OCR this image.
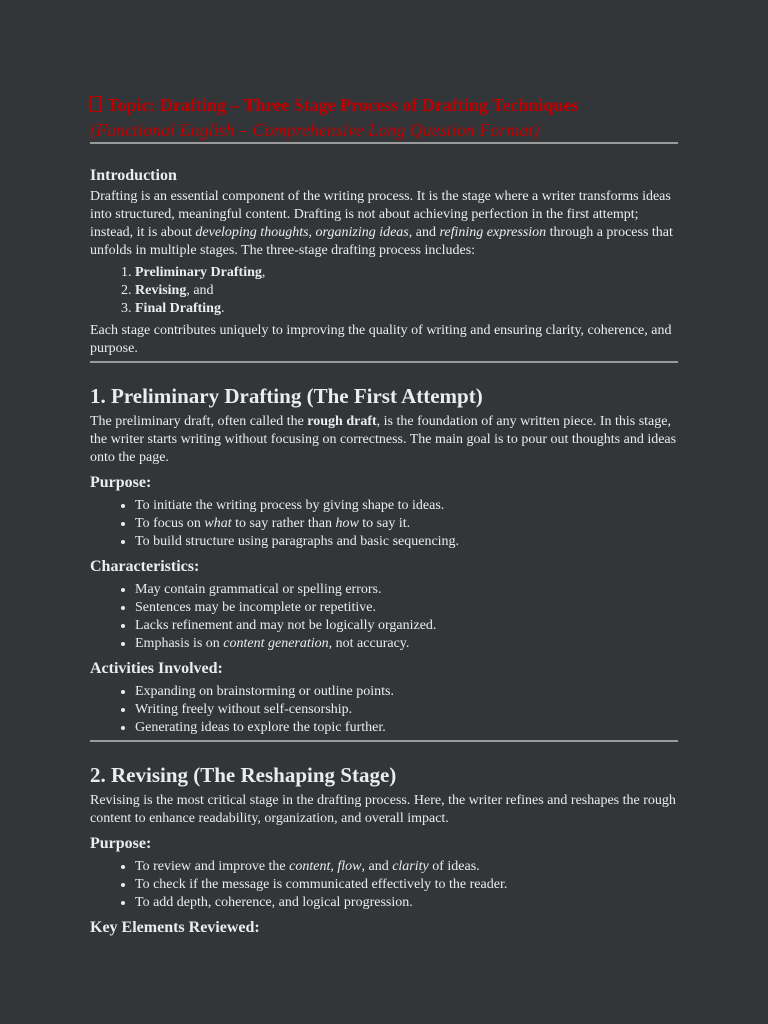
Topic: Drafting – Three Stage Process of Drafting Techniques
(Functional English – Comprehensive Long Question Format)
Introduction

Drafting is an essential component of the writing process. It is the stage where a writer transforms ideas into structured, meaningful content. Drafting is not about achieving perfection in the first attempt; instead, it is about developing thoughts, organizing ideas, and refining expression through a process that unfolds in multiple stages. The three-stage drafting process includes:

1. Preliminary Drafting,
2. Revising, and
3. Final Drafting.

Each stage contributes uniquely to improving the quality of writing and ensuring clarity, coherence, and purpose.

1. Preliminary Drafting (The First Attempt)

The preliminary draft, often called the rough draft, is the foundation of any written piece. In this stage, the writer starts writing without focusing on correctness. The main goal is to pour out thoughts and ideas onto the page.

Purpose:
• To initiate the writing process by giving shape to ideas.
• To focus on what to say rather than how to say it.
• To build structure using paragraphs and basic sequencing.
Characteristics:
• May contain grammatical or spelling errors.
• Sentences may be incomplete or repetitive.
• Lacks refinement and may not be logically organized.
• Emphasis is on content generation, not accuracy.
Activities Involved:
• Expanding on brainstorming or outline points.
• Writing freely without self-censorship.
• Generating ideas to explore the topic further.
2. Revising (The Reshaping Stage)

Revising is the most critical stage in the drafting process. Here, the writer refines and reshapes the rough content to enhance readability, organization, and overall impact.

Purpose:
• To review and improve the content, flow, and clarity of ideas.
• To check if the message is communicated effectively to the reader.
• To add depth, coherence, and logical progression.
Key Elements Reviewed:
